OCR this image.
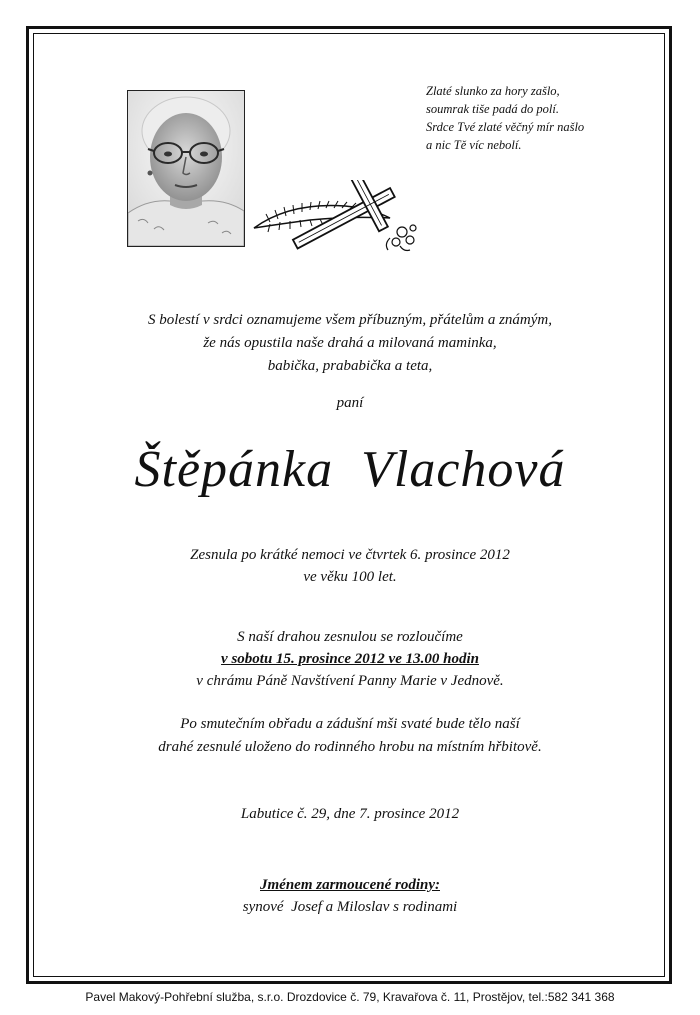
Zlaté slunko za hory zašlo,
soumrak tiše padá do polí.
Srdce Tvé zlaté věčný mír našlo
a nic Tě víc nebolí.
S bolestí v srdci oznamujeme všem příbuzným, přátelům a známým,
že nás opustila naše drahá a milovaná maminka,
babička, prababička a teta,
paní
Štěpánka Vlachová
Zesnula po krátké nemoci ve čtvrtek 6. prosince 2012
ve věku 100 let.
S naší drahou zesnulou se rozloučíme
v sobotu 15. prosince 2012 ve 13.00 hodin
v chrámu Páně Navštívení Panny Marie v Jednově.
Po smutečním obřadu a zádušní mši svaté bude tělo naší
drahé zesnulé uloženo do rodinného hrobu na místním hřbitově.
Labutice č. 29, dne 7. prosince 2012
Jménem zarmoucené rodiny:
synové  Josef a Miloslav s rodinami
Pavel Makový-Pohřební služba, s.r.o. Drozdovice č. 79, Kravařova č. 11, Prostějov, tel.:582 341 368
